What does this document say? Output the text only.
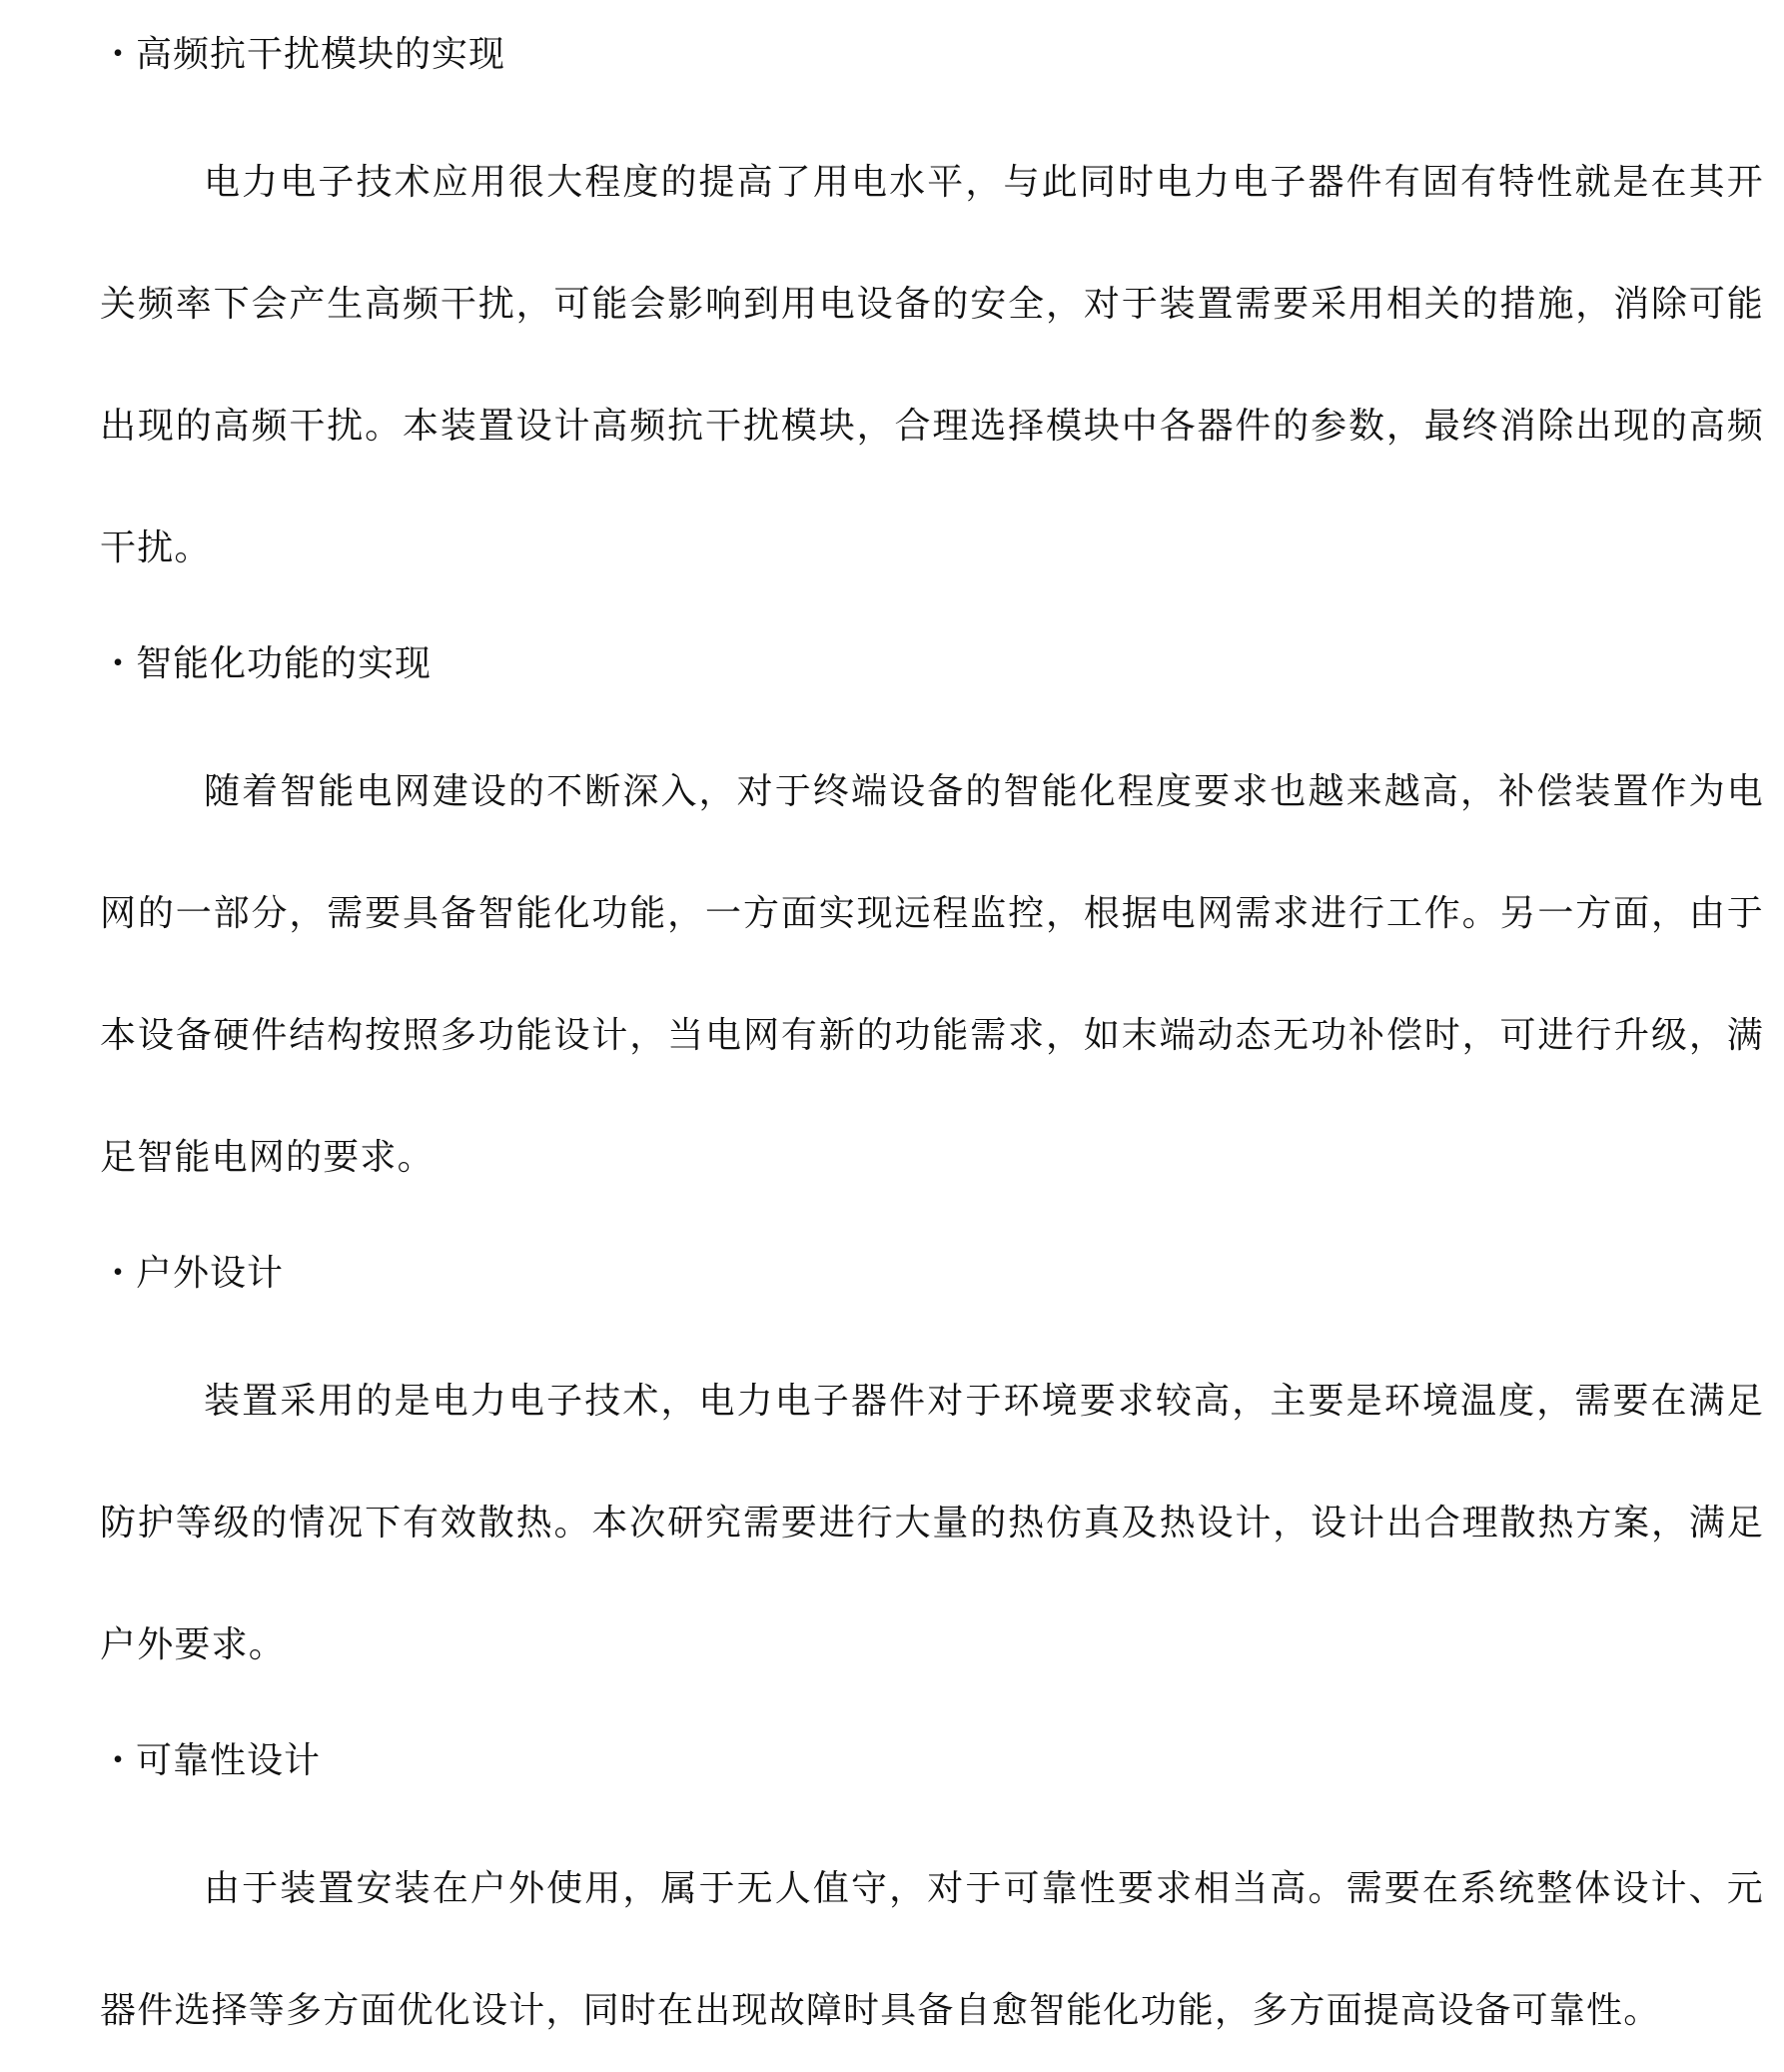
・高频抗干扰模块的实现

电力电子技术应用很大程度的提高了用电水平，与此同时电力电子器件有固有特性就是在其开关频率下会产生高频干扰，可能会影响到用电设备的安全，对于装置需要采用相关的措施，消除可能出现的高频干扰。本装置设计高频抗干扰模块，合理选择模块中各器件的参数，最终消除出现的高频干扰。

・智能化功能的实现

随着智能电网建设的不断深入，对于终端设备的智能化程度要求也越来越高，补偿装置作为电网的一部分，需要具备智能化功能，一方面实现远程监控，根据电网需求进行工作。另一方面，由于本设备硬件结构按照多功能设计，当电网有新的功能需求，如末端动态无功补偿时，可进行升级，满足智能电网的要求。

・户外设计

装置采用的是电力电子技术，电力电子器件对于环境要求较高，主要是环境温度，需要在满足防护等级的情况下有效散热。本次研究需要进行大量的热仿真及热设计，设计出合理散热方案，满足户外要求。

・可靠性设计

由于装置安装在户外使用，属于无人值守，对于可靠性要求相当高。需要在系统整体设计、元器件选择等多方面优化设计，同时在出现故障时具备自愈智能化功能，多方面提高设备可靠性。
